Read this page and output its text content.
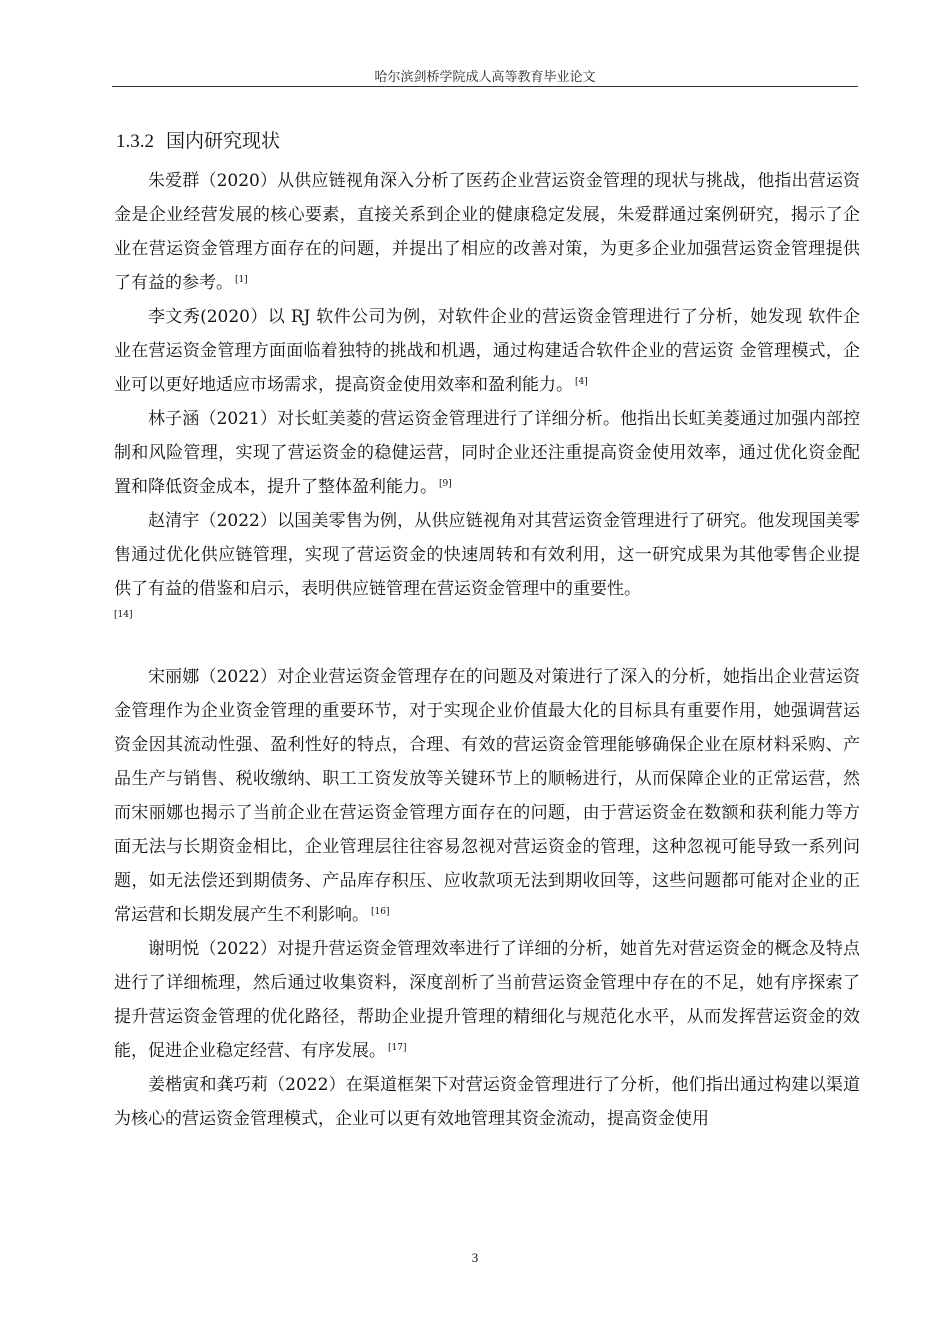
哈尔滨剑桥学院成人高等教育毕业论文
1.3.2 国内研究现状

朱爱群（2020）从供应链视角深入分析了医药企业营运资金管理的现状与挑战，他指出营运资金是企业经营发展的核心要素，直接关系到企业的健康稳定发展，朱爱群通过案例研究，揭示了企业在营运资金管理方面存在的问题，并提出了相应的改善对策，为更多企业加强营运资金管理提供了有益的参考。 [1]

李文秀(2020）以 RJ 软件公司为例，对软件企业的营运资金管理进行了分析，她发现 软件企业在营运资金管理方面面临着独特的挑战和机遇，通过构建适合软件企业的营运资 金管理模式，企业可以更好地适应市场需求，提高资金使用效率和盈利能力。 [4]

林子涵（2021）对长虹美菱的营运资金管理进行了详细分析。他指出长虹美菱通过加强内部控制和风险管理，实现了营运资金的稳健运营，同时企业还注重提高资金使用效率，通过优化资金配置和降低资金成本，提升了整体盈利能力。 [9]

赵清宇（2022）以国美零售为例，从供应链视角对其营运资金管理进行了研究。他发现国美零售通过优化供应链管理，实现了营运资金的快速周转和有效利用，这一研究成果为其他零售企业提供了有益的借鉴和启示，表明供应链管理在营运资金管理中的重要性。

[14]

宋丽娜（2022）对企业营运资金管理存在的问题及对策进行了深入的分析，她指出企业营运资金管理作为企业资金管理的重要环节，对于实现企业价值最大化的目标具有重要作用，她强调营运资金因其流动性强、盈利性好的特点，合理、有效的营运资金管理能够确保企业在原材料采购、产品生产与销售、税收缴纳、职工工资发放等关键环节上的顺畅进行，从而保障企业的正常运营，然而宋丽娜也揭示了当前企业在营运资金管理方面存在的问题，由于营运资金在数额和获利能力等方面无法与长期资金相比，企业管理层往往容易忽视对营运资金的管理，这种忽视可能导致一系列问题，如无法偿还到期债务、产品库存积压、应收款项无法到期收回等，这些问题都可能对企业的正常运营和长期发展产生不利影响。 [16]

谢明悦（2022）对提升营运资金管理效率进行了详细的分析，她首先对营运资金的概念及特点进行了详细梳理，然后通过收集资料，深度剖析了当前营运资金管理中存在的不足，她有序探索了提升营运资金管理的优化路径，帮助企业提升管理的精细化与规范化水平，从而发挥营运资金的效能，促进企业稳定经营、有序发展。 [17]

姜楷寅和龚巧莉（2022）在渠道框架下对营运资金管理进行了分析，他们指出通过构建以渠道为核心的营运资金管理模式，企业可以更有效地管理其资金流动，提高资金使用

3
